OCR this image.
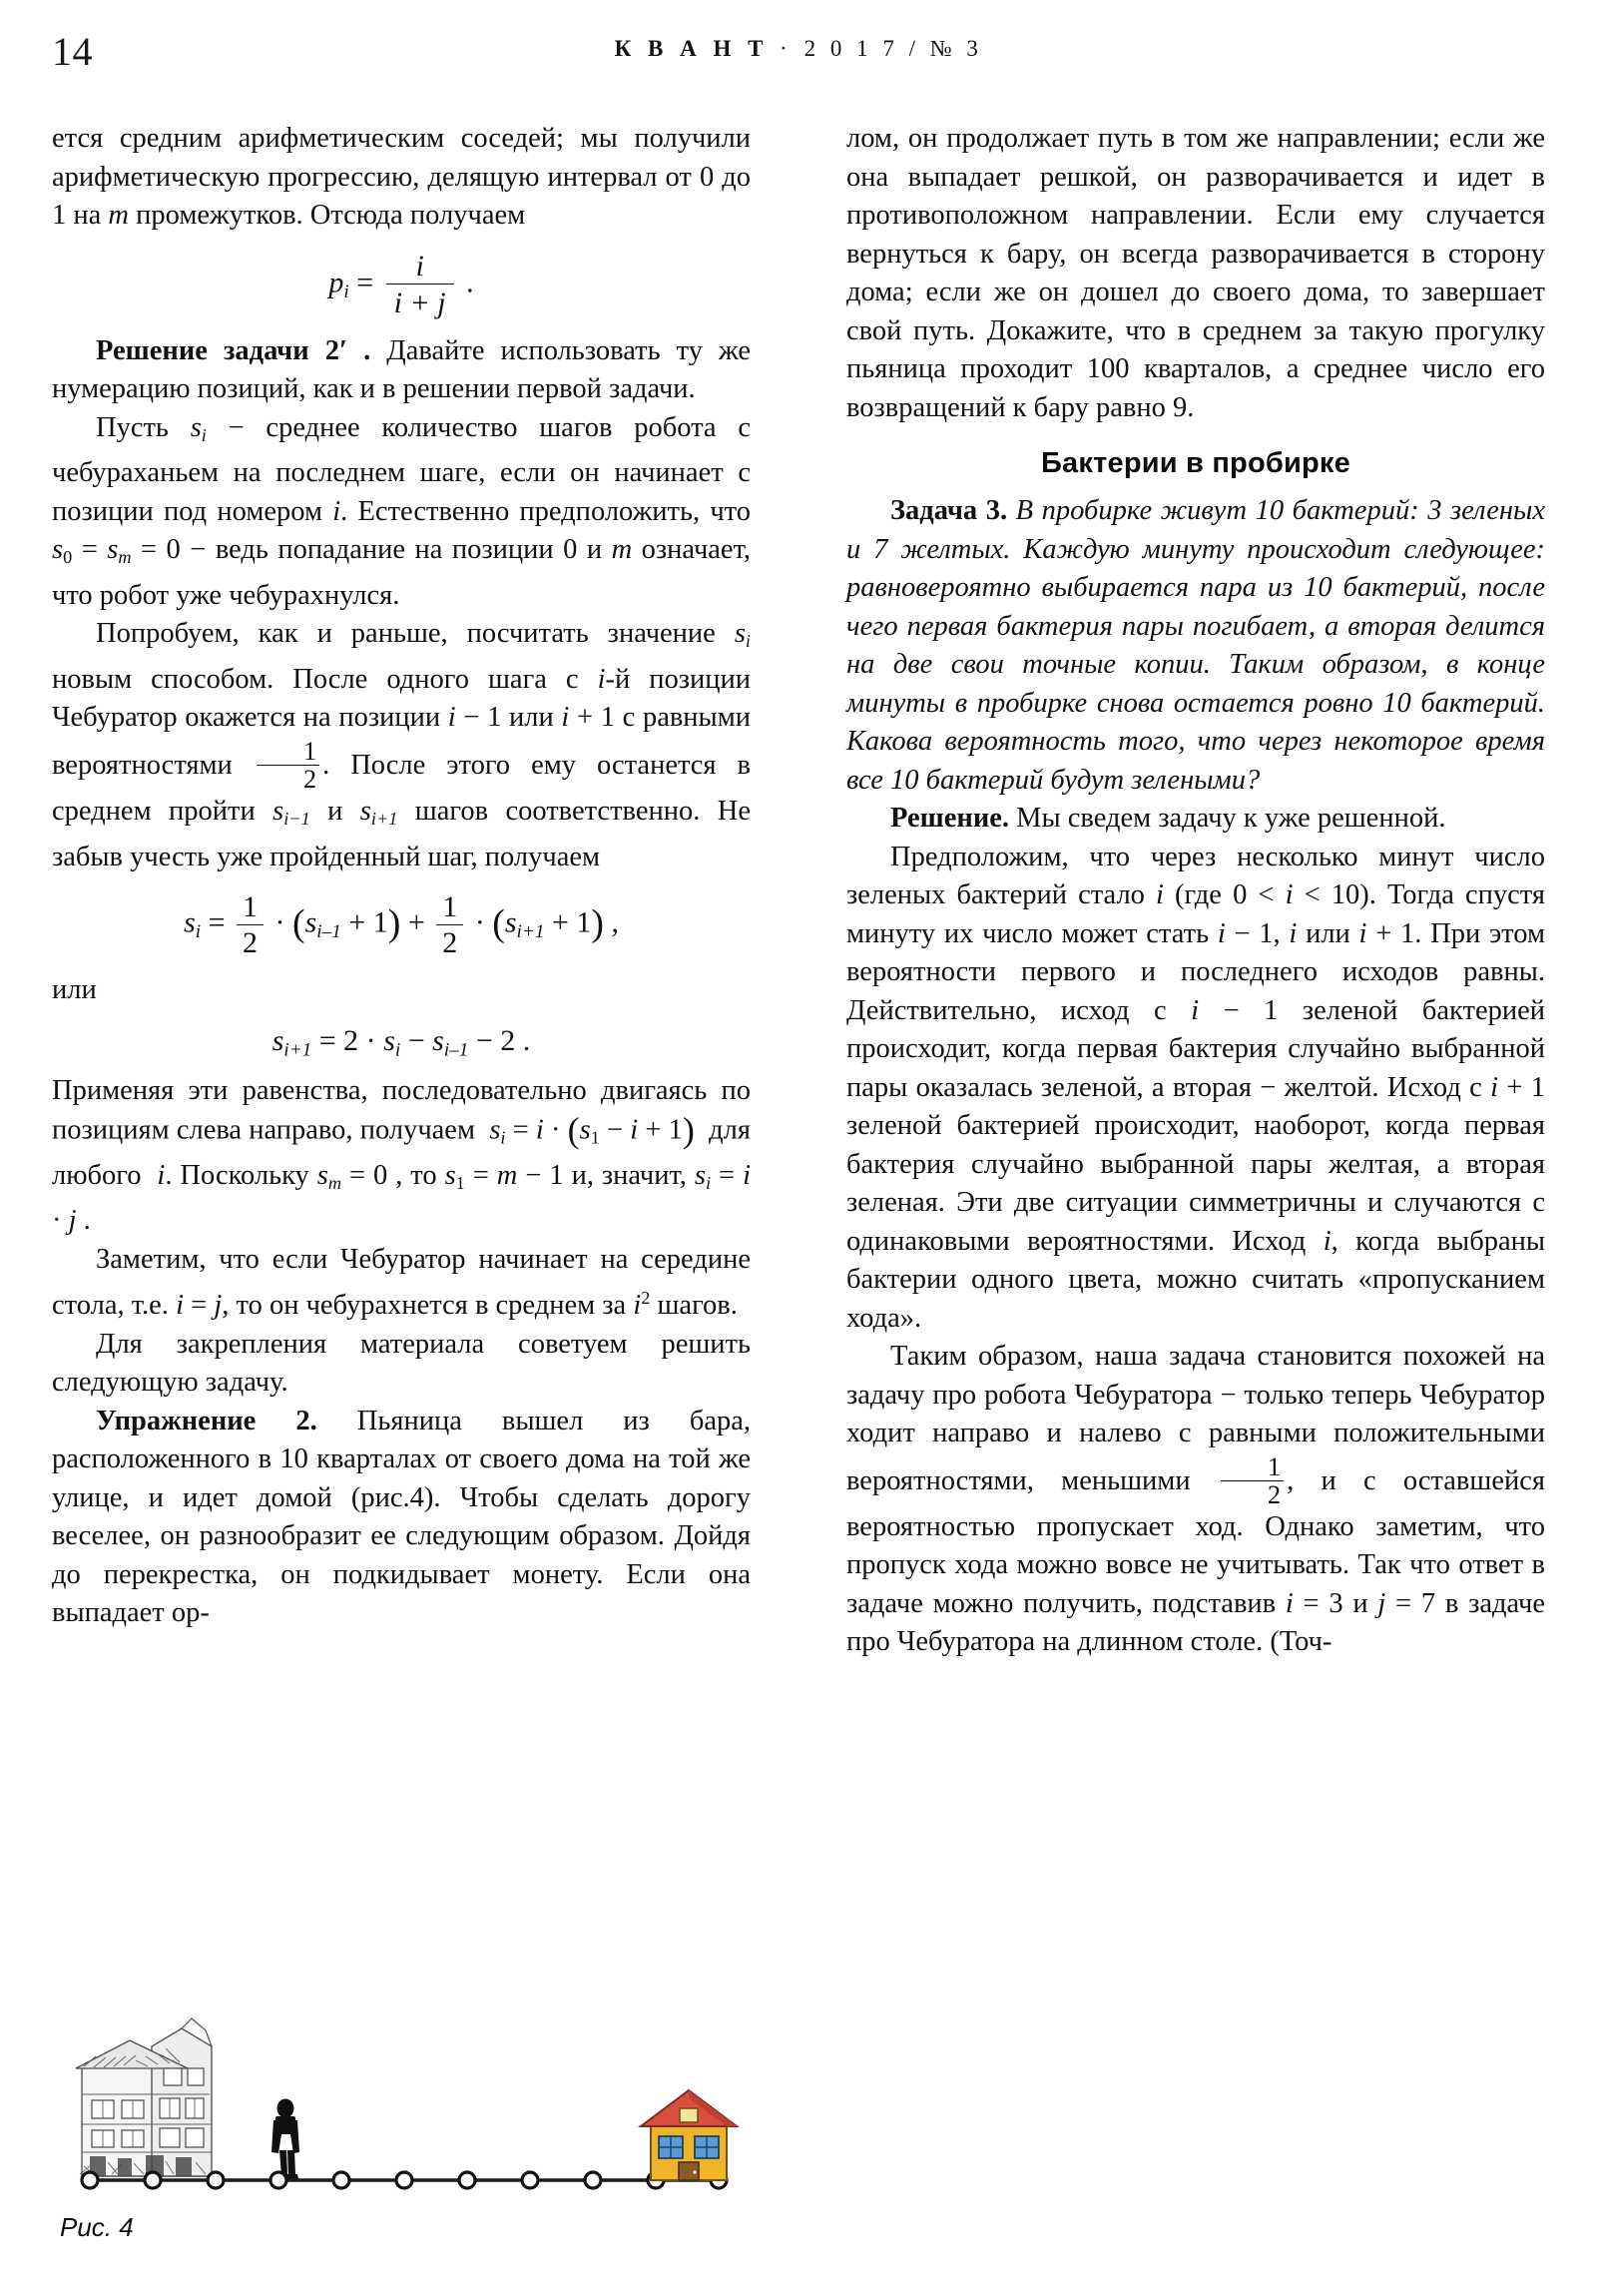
14	К В А Н Т · 2 0 1 7 / № 3

ется средним арифметическим соседей; мы получили арифметическую прогрессию, делящую интервал от 0 до 1 на m промежутков. Отсюда получаем

$p_i = \frac{i}{i + j}$ .

Решение задачи 2′ . Давайте использовать ту же нумерацию позиций, как и в решении первой задачи.

Пусть $s_i$ − среднее количество шагов робота с чебураханьем на последнем шаге, если он начинает с позиции под номером i. Естественно предположить, что $s_0 = s_m = 0$ − ведь попадание на позиции 0 и m означает, что робот уже чебурахнулся.

Попробуем, как и раньше, посчитать значение $s_i$ новым способом. После одного шага с i-й позиции Чебуратор окажется на позиции i − 1 или i + 1 с равными вероятностями $\frac{1}{2}$ . После этого ему останется в среднем пройти $s_{i-1}$ и $s_{i+1}$ шагов соответственно. Не забыв учесть уже пройденный шаг, получаем

$s_i = \frac{1}{2} \cdot (s_{i-1} + 1) + \frac{1}{2} \cdot (s_{i+1} + 1)$ ,

или

$s_{i+1} = 2 \cdot s_i - s_{i-1} - 2$ .

Применяя эти равенства, последовательно двигаясь по позициям слева направо, получаем  $s_i = i \cdot (s_1 - i + 1)$  для любого  i. Поскольку $s_m = 0$ , то $s_1 = m - 1$ и, значит, $s_i = i \cdot j$ .

Заметим, что если Чебуратор начинает на середине стола, т.е. i = j, то он чебурахнется в среднем за $i^2$ шагов.

Для закрепления материала советуем решить следующую задачу.

Упражнение 2. Пьяница вышел из бара, расположенного в 10 кварталах от своего дома на той же улице, и идет домой (рис.4). Чтобы сделать дорогу веселее, он разнообразит ее следующим образом. Дойдя до перекрестка, он подкидывает монету. Если она выпадает ор-

Рис. 4

лом, он продолжает путь в том же направлении; если же она выпадает решкой, он разворачивается и идет в противоположном направлении. Если ему случается вернуться к бару, он всегда разворачивается в сторону дома; если же он дошел до своего дома, то завершает свой путь. Докажите, что в среднем за такую прогулку пьяница проходит 100 кварталов, а среднее число его возвращений к бару равно 9.

Бактерии в пробирке

Задача 3. В пробирке живут 10 бактерий: 3 зеленых и 7 желтых. Каждую минуту происходит следующее: равновероятно выбирается пара из 10 бактерий, после чего первая бактерия пары погибает, а вторая делится на две свои точные копии. Таким образом, в конце минуты в пробирке снова остается ровно 10 бактерий. Какова вероятность того, что через некоторое время все 10 бактерий будут зелеными?

Решение. Мы сведем задачу к уже решенной.

Предположим, что через несколько минут число зеленых бактерий стало i (где 0 < i < 10). Тогда спустя минуту их число может стать i − 1, i или i + 1. При этом вероятности первого и последнего исходов равны. Действительно, исход с i − 1 зеленой бактерией происходит, когда первая бактерия случайно выбранной пары оказалась зеленой, а вторая − желтой. Исход с i + 1 зеленой бактерией происходит, наоборот, когда первая бактерия случайно выбранной пары желтая, а вторая зеленая. Эти две ситуации симметричны и случаются с одинаковыми вероятностями. Исход i, когда выбраны бактерии одного цвета, можно считать «пропусканием хода».

Таким образом, наша задача становится похожей на задачу про робота Чебуратора − только теперь Чебуратор ходит направо и налево с равными положительными вероятностями, меньшими $\frac{1}{2}$ , и с оставшейся вероятностью пропускает ход. Однако заметим, что пропуск хода можно вовсе не учитывать. Так что ответ в задаче можно получить, подставив i = 3 и j = 7 в задаче про Чебуратора на длинном столе. (Точ-
